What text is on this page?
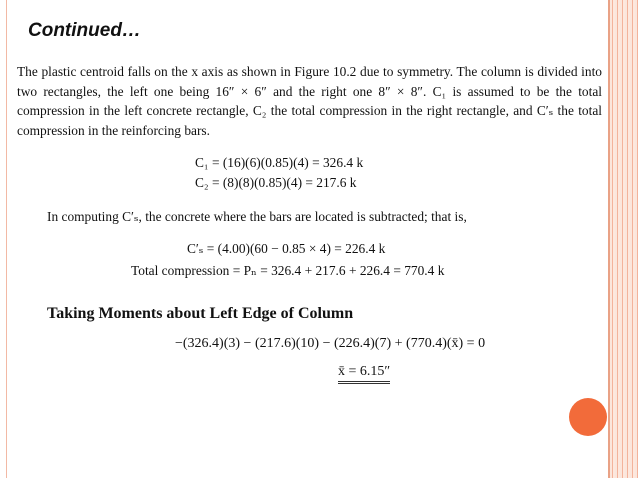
Continued…

The plastic centroid falls on the x axis as shown in Figure 10.2 due to symmetry. The column is divided into two rectangles, the left one being 16″ × 6″ and the right one 8″ × 8″. C₁ is assumed to be the total compression in the left concrete rectangle, C₂ the total compression in the right rectangle, and C′ₛ the total compression in the reinforcing bars.

C₁ = (16)(6)(0.85)(4) = 326.4 k
C₂ = (8)(8)(0.85)(4) = 217.6 k
In computing C′ₛ, the concrete where the bars are located is subtracted; that is,
C′ₛ = (4.00)(60 − 0.85 × 4) = 226.4 k
Total compression = Pₙ = 326.4 + 217.6 + 226.4 = 770.4 k
Taking Moments about Left Edge of Column
−(326.4)(3) − (217.6)(10) − (226.4)(7) + (770.4)(x̄) = 0
x̄ = 6.15″
